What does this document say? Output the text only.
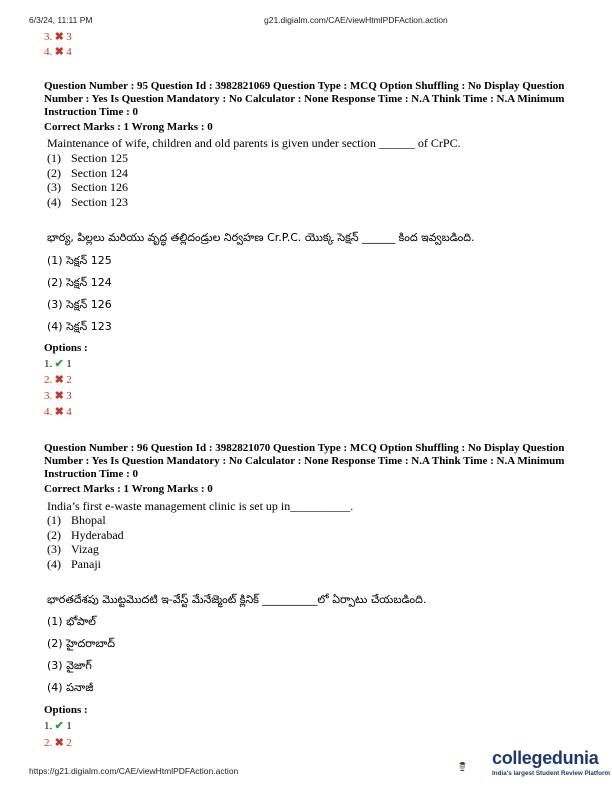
6/3/24, 11:11 PM	g21.digialm.com/CAE/viewHtmlPDFAction.action
3. ✖ 3
4. ✖ 4
Question Number : 95 Question Id : 3982821069 Question Type : MCQ Option Shuffling : No Display Question
Number : Yes Is Question Mandatory : No Calculator : None Response Time : N.A Think Time : N.A Minimum
Instruction Time : 0
Correct Marks : 1 Wrong Marks : 0
Maintenance of wife, children and old parents is given under section ______ of CrPC.
(1) Section 125
(2) Section 124
(3) Section 126
(4) Section 123
భార్య, పిల్లలు మరియు వృద్ధ తల్లిదండ్రుల నిర్వహణ Cr.P.C. యొక్క సెక్షన్ ______ కింద ఇవ్వబడింది.
(1) సెక్షన్ 125
(2) సెక్షన్ 124
(3) సెక్షన్ 126
(4) సెక్షన్ 123
Options :
1. ✔ 1
2. ✖ 2
3. ✖ 3
4. ✖ 4
Question Number : 96 Question Id : 3982821070 Question Type : MCQ Option Shuffling : No Display Question
Number : Yes Is Question Mandatory : No Calculator : None Response Time : N.A Think Time : N.A Minimum
Instruction Time : 0
Correct Marks : 1 Wrong Marks : 0
India’s first e-waste management clinic is set up in__________.
(1) Bhopal
(2) Hyderabad
(3) Vizag
(4) Panaji
భారతదేశపు మొట్టమొదటి ఇ-వేస్ట్ మేనేజ్మెంట్ క్లినిక్ __________లో ఏర్పాటు చేయబడింది.
(1) భోపాల్
(2) హైదరాబాద్
(3) వైజాగ్
(4) పనాజీ
Options :
1. ✔ 1
2. ✖ 2
https://g21.digialm.com/CAE/viewHtmlPDFAction.action
collegedunia
India's largest Student Review Platform
